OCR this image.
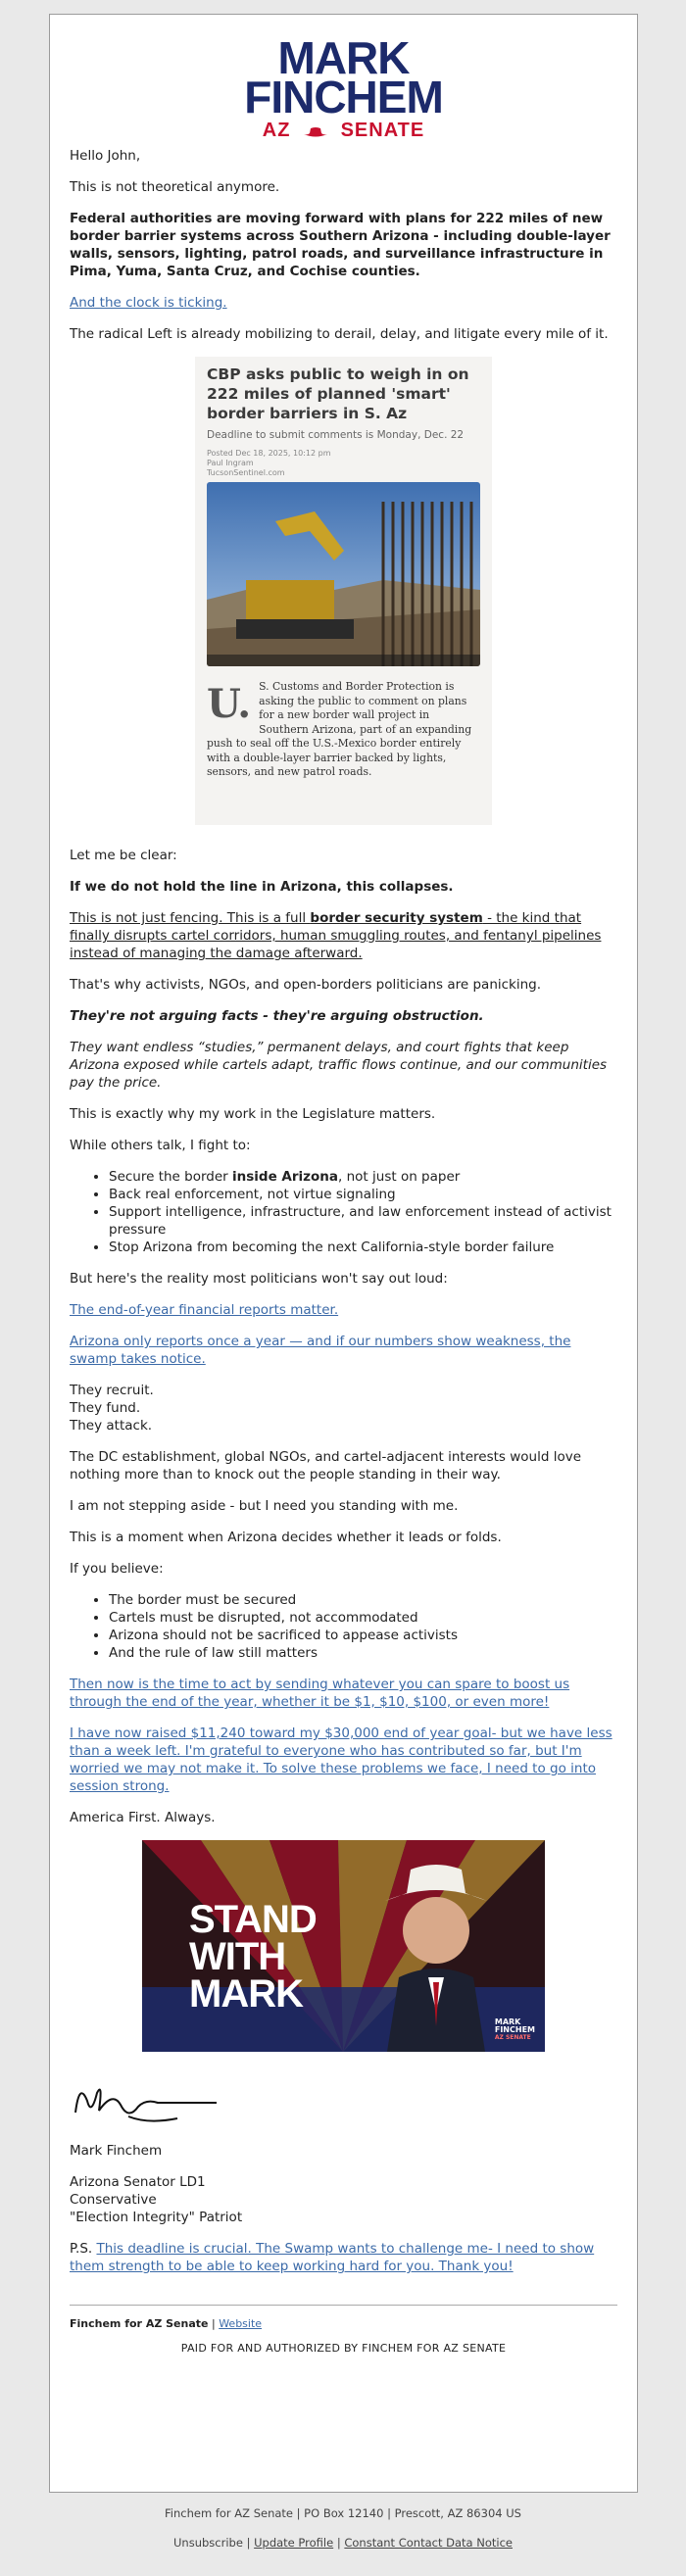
MARK
FINCHEM
AZ	SENATE

Hello John,

This is not theoretical anymore.

Federal authorities are moving forward with plans for 222 miles of new border barrier systems across Southern Arizona - including double-layer walls, sensors, lighting, patrol roads, and surveillance infrastructure in Pima, Yuma, Santa Cruz, and Cochise counties.

And the clock is ticking.

The radical Left is already mobilizing to derail, delay, and litigate every mile of it.

CBP asks public to weigh in on 222 miles of planned 'smart' border barriers in S. Az
Deadline to submit comments is Monday, Dec. 22
Posted Dec 18, 2025, 10:12 pm
Paul Ingram
TucsonSentinel.com
U. S. Customs and Border Protection is asking the public to comment on plans for a new border wall project in Southern Arizona, part of an expanding push to seal off the U.S.-Mexico border entirely with a double-layer barrier backed by lights, sensors, and new patrol roads.

Let me be clear:

If we do not hold the line in Arizona, this collapses.

This is not just fencing. This is a full border security system - the kind that finally disrupts cartel corridors, human smuggling routes, and fentanyl pipelines instead of managing the damage afterward.

That's why activists, NGOs, and open-borders politicians are panicking.

They're not arguing facts - they're arguing obstruction.

They want endless “studies,” permanent delays, and court fights that keep Arizona exposed while cartels adapt, traffic flows continue, and our communities pay the price.

This is exactly why my work in the Legislature matters.

While others talk, I fight to:

• Secure the border inside Arizona, not just on paper
• Back real enforcement, not virtue signaling
• Support intelligence, infrastructure, and law enforcement instead of activist pressure
• Stop Arizona from becoming the next California-style border failure

But here's the reality most politicians won't say out loud:

The end-of-year financial reports matter.

Arizona only reports once a year — and if our numbers show weakness, the swamp takes notice.

They recruit.
They fund.
They attack.

The DC establishment, global NGOs, and cartel-adjacent interests would love nothing more than to knock out the people standing in their way.

I am not stepping aside - but I need you standing with me.

This is a moment when Arizona decides whether it leads or folds.

If you believe:

• The border must be secured
• Cartels must be disrupted, not accommodated
• Arizona should not be sacrificed to appease activists
• And the rule of law still matters

Then now is the time to act by sending whatever you can spare to boost us through the end of the year, whether it be $1, $10, $100, or even more!

I have now raised $11,240 toward my $30,000 end of year goal- but we have less than a week left. I'm grateful to everyone who has contributed so far, but I'm worried we may not make it. To solve these problems we face, I need to go into session strong.

America First. Always.

STAND
WITH
MARK
MARK
FINCHEM
AZ SENATE

Mark Finchem

Arizona Senator LD1
Conservative
"Election Integrity" Patriot

P.S. This deadline is crucial. The Swamp wants to challenge me- I need to show them strength to be able to keep working hard for you. Thank you!

Finchem for AZ Senate | Website
PAID FOR AND AUTHORIZED BY FINCHEM FOR AZ SENATE
Finchem for AZ Senate | PO Box 12140 | Prescott, AZ 86304 US
Unsubscribe | Update Profile | Constant Contact Data Notice
